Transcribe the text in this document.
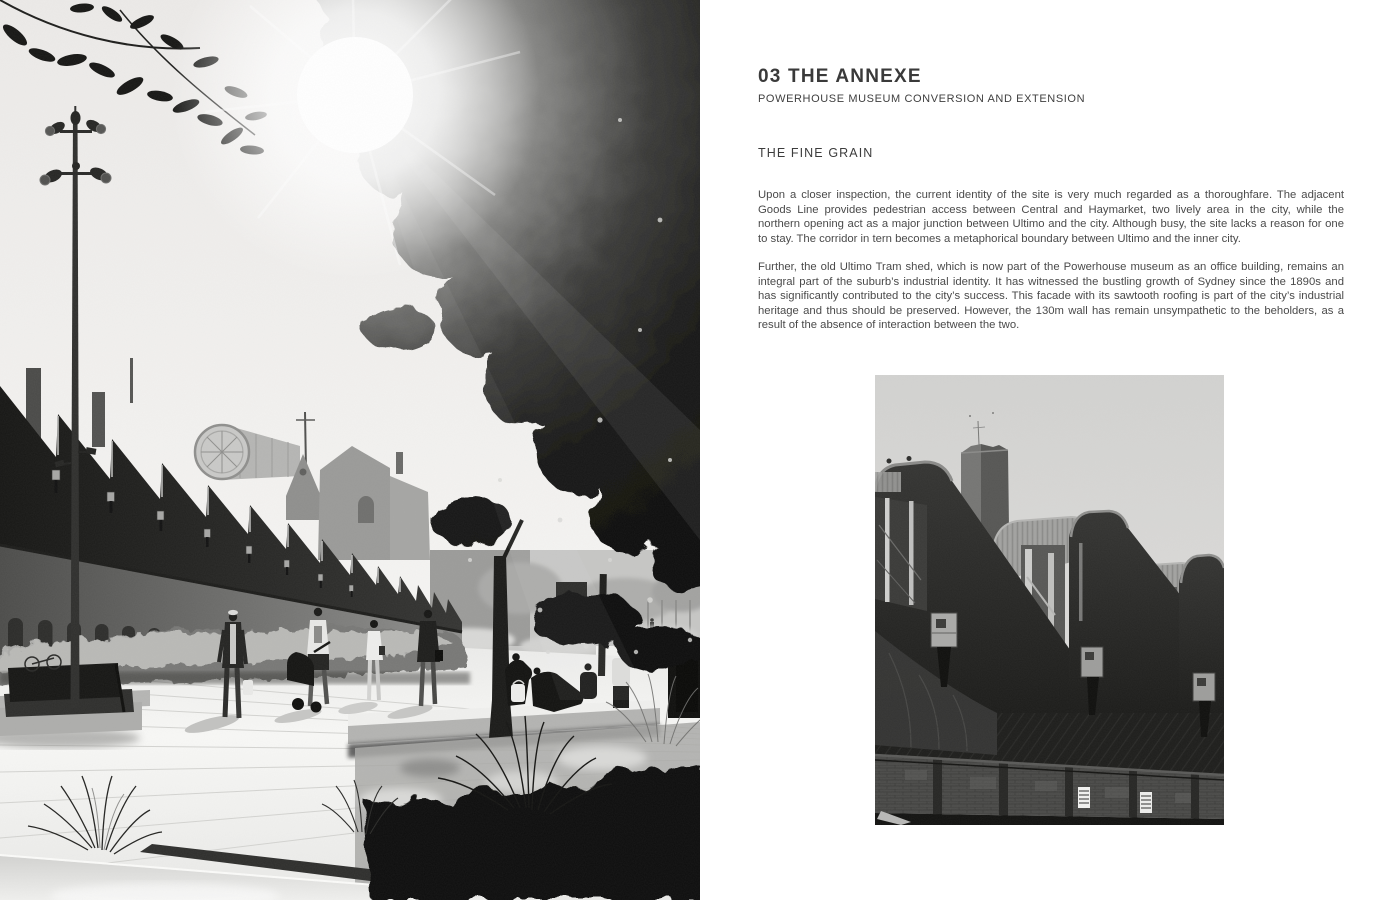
03 THE ANNEXE
POWERHOUSE MUSEUM CONVERSION AND EXTENSION
THE FINE GRAIN

Upon a closer inspection, the current identity of the site is very much regarded as a thoroughfare. The adjacent Goods Line provides pedestrian access between Central and Haymarket, two lively area in the city, while the northern opening act as a major junction between Ultimo and the city. Although busy, the site lacks a reason for one to stay. The corridor in tern becomes a metaphorical boundary between Ultimo and the inner city.

Further, the old Ultimo Tram shed, which is now part of the Powerhouse museum as an office building, remains an integral part of the suburb’s industrial identity. It has witnessed the bustling growth of Sydney since the 1890s and has significantly contributed to the city’s success. This facade with its sawtooth roofing is part of the city’s industrial heritage and thus should be preserved. However, the 130m wall has remain unsympathetic to the beholders, as a result of the absence of interaction between the two.
